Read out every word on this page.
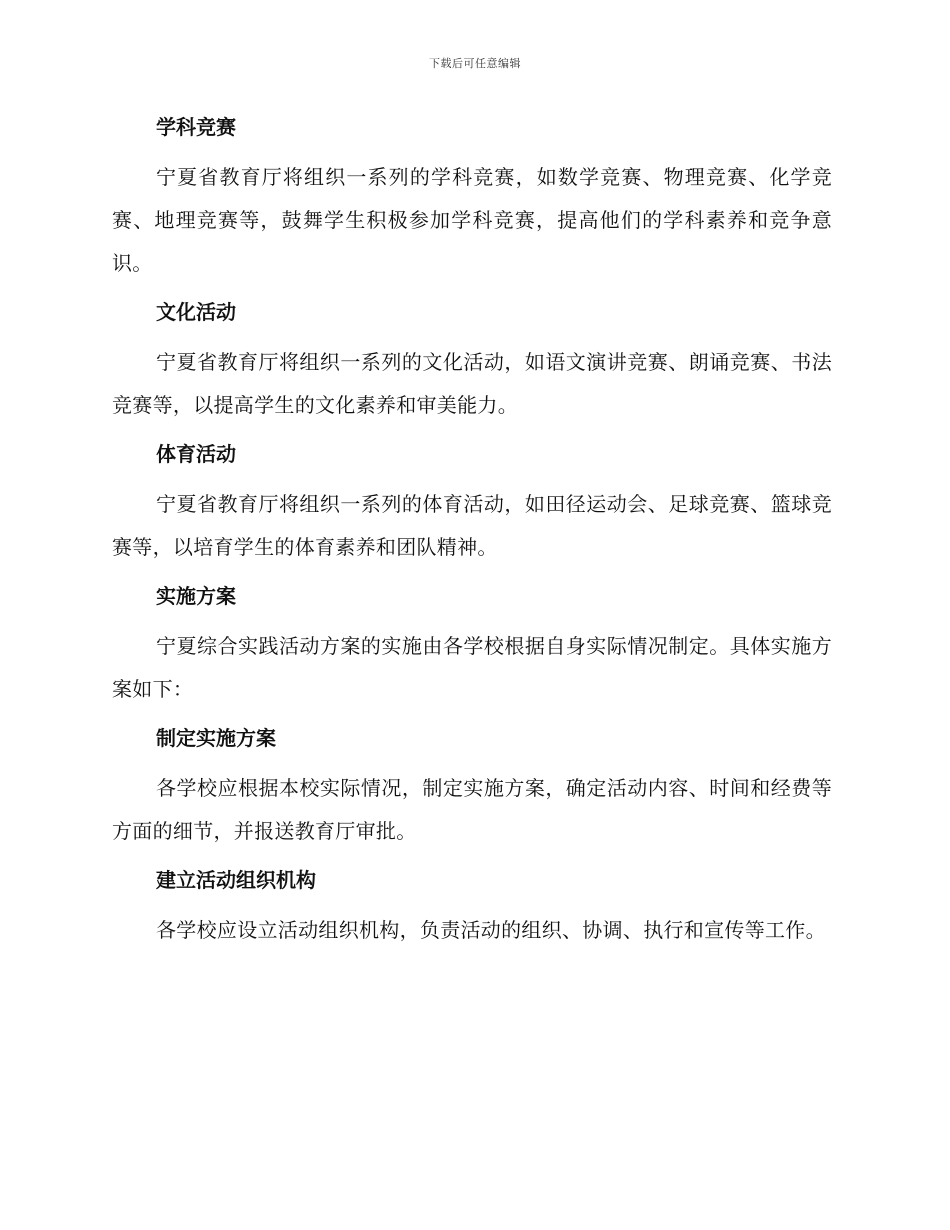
下载后可任意编辑
学科竞赛

宁夏省教育厅将组织一系列的学科竞赛，如数学竞赛、物理竞赛、化学竞赛、地理竞赛等，鼓舞学生积极参加学科竞赛，提高他们的学科素养和竞争意识。

文化活动

宁夏省教育厅将组织一系列的文化活动，如语文演讲竞赛、朗诵竞赛、书法竞赛等，以提高学生的文化素养和审美能力。

体育活动

宁夏省教育厅将组织一系列的体育活动，如田径运动会、足球竞赛、篮球竞赛等，以培育学生的体育素养和团队精神。

实施方案

宁夏综合实践活动方案的实施由各学校根据自身实际情况制定。具体实施方案如下：

制定实施方案

各学校应根据本校实际情况，制定实施方案，确定活动内容、时间和经费等方面的细节，并报送教育厅审批。

建立活动组织机构

各学校应设立活动组织机构，负责活动的组织、协调、执行和宣传等工作。
